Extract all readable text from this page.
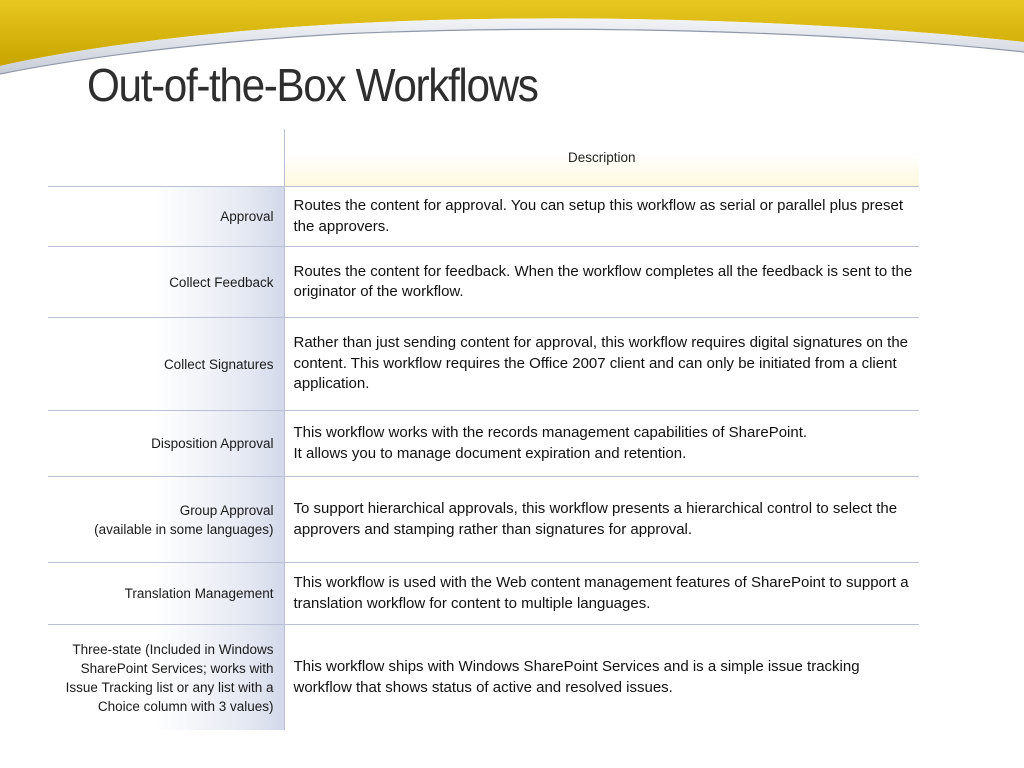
Out-of-the-Box Workflows
	Description

Approval	Routes the content for approval. You can setup this workflow as serial or parallel plus preset the approvers.

Collect Feedback	Routes the content for feedback. When the workflow completes all the feedback is sent to the originator of the workflow.

Collect Signatures	Rather than just sending content for approval, this workflow requires digital signatures on the content. This workflow requires the Office 2007 client and can only be initiated from a client application.

Disposition Approval	This workflow works with the records management capabilities of SharePoint.
It allows you to manage document expiration and retention.

Group Approval
(available in some languages)	To support hierarchical approvals, this workflow presents a hierarchical control to select the approvers and stamping rather than signatures for approval.

Translation Management	This workflow is used with the Web content management features of SharePoint to support a translation workflow for content to multiple languages.

Three-state (Included in Windows SharePoint Services; works with Issue Tracking list or any list with a Choice column with 3 values)	This workflow ships with Windows SharePoint Services and is a simple issue tracking workflow that shows status of active and resolved issues.
